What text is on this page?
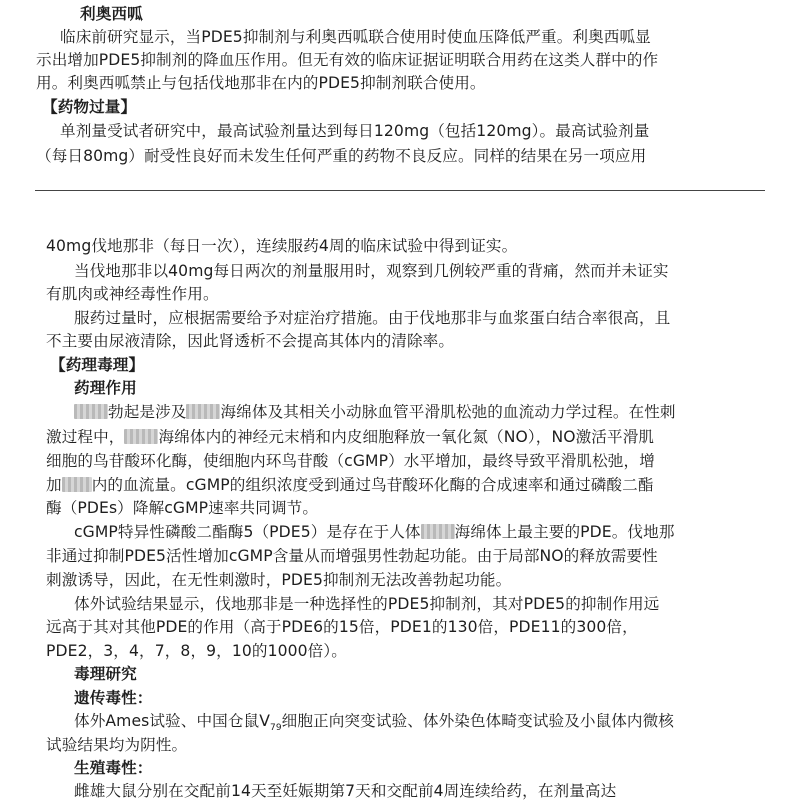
利奥西呱
临床前研究显示，当PDE5抑制剂与利奥西呱联合使用时使血压降低严重。利奥西呱显
示出增加PDE5抑制剂的降血压作用。但无有效的临床证据证明联合用药在这类人群中的作
用。利奥西呱禁止与包括伐地那非在内的PDE5抑制剂联合使用。
【药物过量】
单剂量受试者研究中，最高试验剂量达到每日120mg（包括120mg）。最高试验剂量
（每日80mg）耐受性良好而未发生任何严重的药物不良反应。同样的结果在另一项应用
40mg伐地那非（每日一次），连续服药4周的临床试验中得到证实。
当伐地那非以40mg每日两次的剂量服用时，观察到几例较严重的背痛，然而并未证实
有肌肉或神经毒性作用。
服药过量时，应根据需要给予对症治疗措施。由于伐地那非与血浆蛋白结合率很高，且
不主要由尿液清除，因此肾透析不会提高其体内的清除率。
【药理毒理】
药理作用
勃起是涉及 海绵体及其相关小动脉血管平滑肌松弛的血流动力学过程。在性刺
激过程中， 海绵体内的神经元末梢和内皮细胞释放一氧化氮（NO），NO激活平滑肌
细胞的鸟苷酸环化酶，使细胞内环鸟苷酸（cGMP）水平增加，最终导致平滑肌松弛，增
加 内的血流量。cGMP的组织浓度受到通过鸟苷酸环化酶的合成速率和通过磷酸二酯
酶（PDEs）降解cGMP速率共同调节。
cGMP特异性磷酸二酯酶5（PDE5）是存在于人体 海绵体上最主要的PDE。伐地那
非通过抑制PDE5活性增加cGMP含量从而增强男性勃起功能。由于局部NO的释放需要性
刺激诱导，因此，在无性刺激时，PDE5抑制剂无法改善勃起功能。
体外试验结果显示，伐地那非是一种选择性的PDE5抑制剂，其对PDE5的抑制作用远
远高于其对其他PDE的作用（高于PDE6的15倍，PDE1的130倍，PDE11的300倍，
PDE2，3，4，7，8，9，10的1000倍）。
毒理研究
遗传毒性：
体外Ames试验、中国仓鼠$V_{79}$细胞正向突变试验、体外染色体畸变试验及小鼠体内微核
试验结果均为阴性。
生殖毒性：
雌雄大鼠分别在交配前14天至妊娠期第7天和交配前4周连续给药，在剂量高达
